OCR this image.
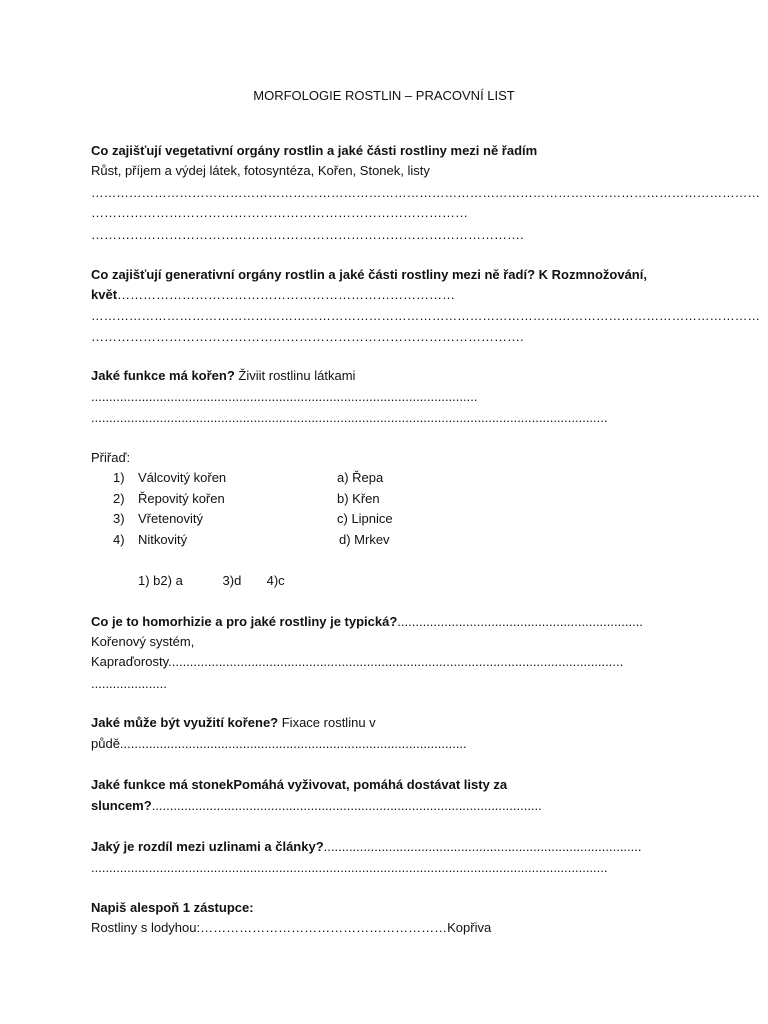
MORFOLOGIE ROSTLIN – PRACOVNÍ LIST
Co zajišťují vegetativní orgány rostlin a jaké části rostliny mezi ně řadím
Růst, příjem a výdej látek, fotosyntéza, Kořen, Stonek, listy
……………………………………………………………………………………………………………………………………………
……………………………………………………………………………
……………………………………………………………………………………….
Co zajišťují generativní orgány rostlin a jaké části rostliny mezi ně řadí? K Rozmnožování,
květ……………………………………………………………………
……………………………………………………………………………………………………………………………………………
……………………………………………………………………………………….
Jaké funkce má kořen? Živiit rostlinu látkami
...........................................................................................................
...............................................................................................................................................
Přiřaď:
1) Válcovitý kořen	a) Řepa
2) Řepovitý kořen	b) Křen
3) Vřetenovitý	c) Lipnice
4) Nitkovitý	d) Mrkev
1) b2) a           3)d       4)c
Co je to homorhizie a pro jaké rostliny je typická?....................................................................
Kořenový systém,
Kapraďorosty..............................................................................................................................
.....................
Jaké může být využití kořene? Fixace rostlinu v
půdě................................................................................................
Jaké funkce má stonekPomáhá vyživovat, pomáhá dostávat listy za
sluncem?............................................................................................................
Jaký je rozdíl mezi uzlinami a články?........................................................................................
...............................................................................................................................................
Napiš alespoň 1 zástupce:
Rostliny s lodyhou:…………………………………………………Kopřiva
